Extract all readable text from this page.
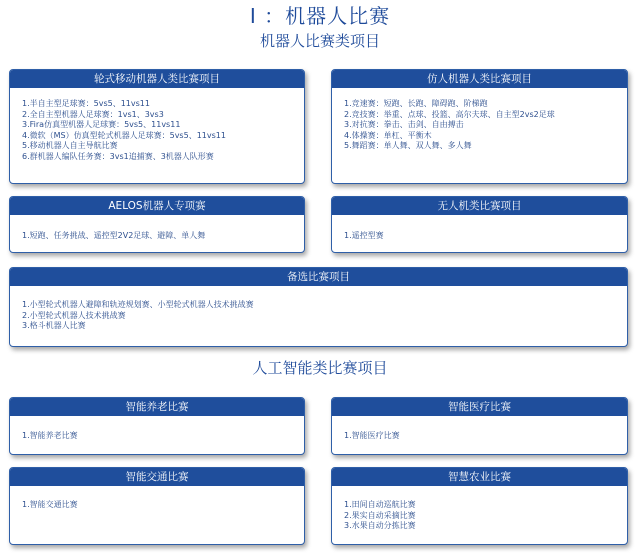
Ⅰ ：机器人比赛
机器人比赛类项目
轮式移动机器人类比赛项目
1.半自主型足球赛：5vs5、11vs11
2.全自主型机器人足球赛：1vs1、3vs3
3.Fira仿真型机器人足球赛：5vs5、11vs11
4.微软（MS）仿真型轮式机器人足球赛：5vs5、11vs11
5.移动机器人自主导航比赛
6.群机器人编队任务赛：3vs1追捕赛、3机器人队形赛
仿人机器人类比赛项目
1.竞速赛：短跑、长跑、障碍跑、阶梯跑
2.竞技赛：举重、点球、投篮、高尔夫球、自主型2vs2足球
3.对抗赛：拳击、击剑、自由搏击
4.体操赛：单杠、平衡木
5.舞蹈赛：单人舞、双人舞、多人舞
AELOS机器人专项赛
1.短跑、任务挑战、遥控型2V2足球、避障、单人舞
无人机类比赛项目
1.遥控型赛
备选比赛项目
1.小型轮式机器人避障和轨迹规划赛、小型轮式机器人技术挑战赛
2.小型轮式机器人技术挑战赛
3.格斗机器人比赛
人工智能类比赛项目
智能养老比赛
1.智能养老比赛
智能医疗比赛
1.智能医疗比赛
智能交通比赛
1.智能交通比赛
智慧农业比赛
1.田间自动巡航比赛
2.果实自动采摘比赛
3.水果自动分拣比赛
